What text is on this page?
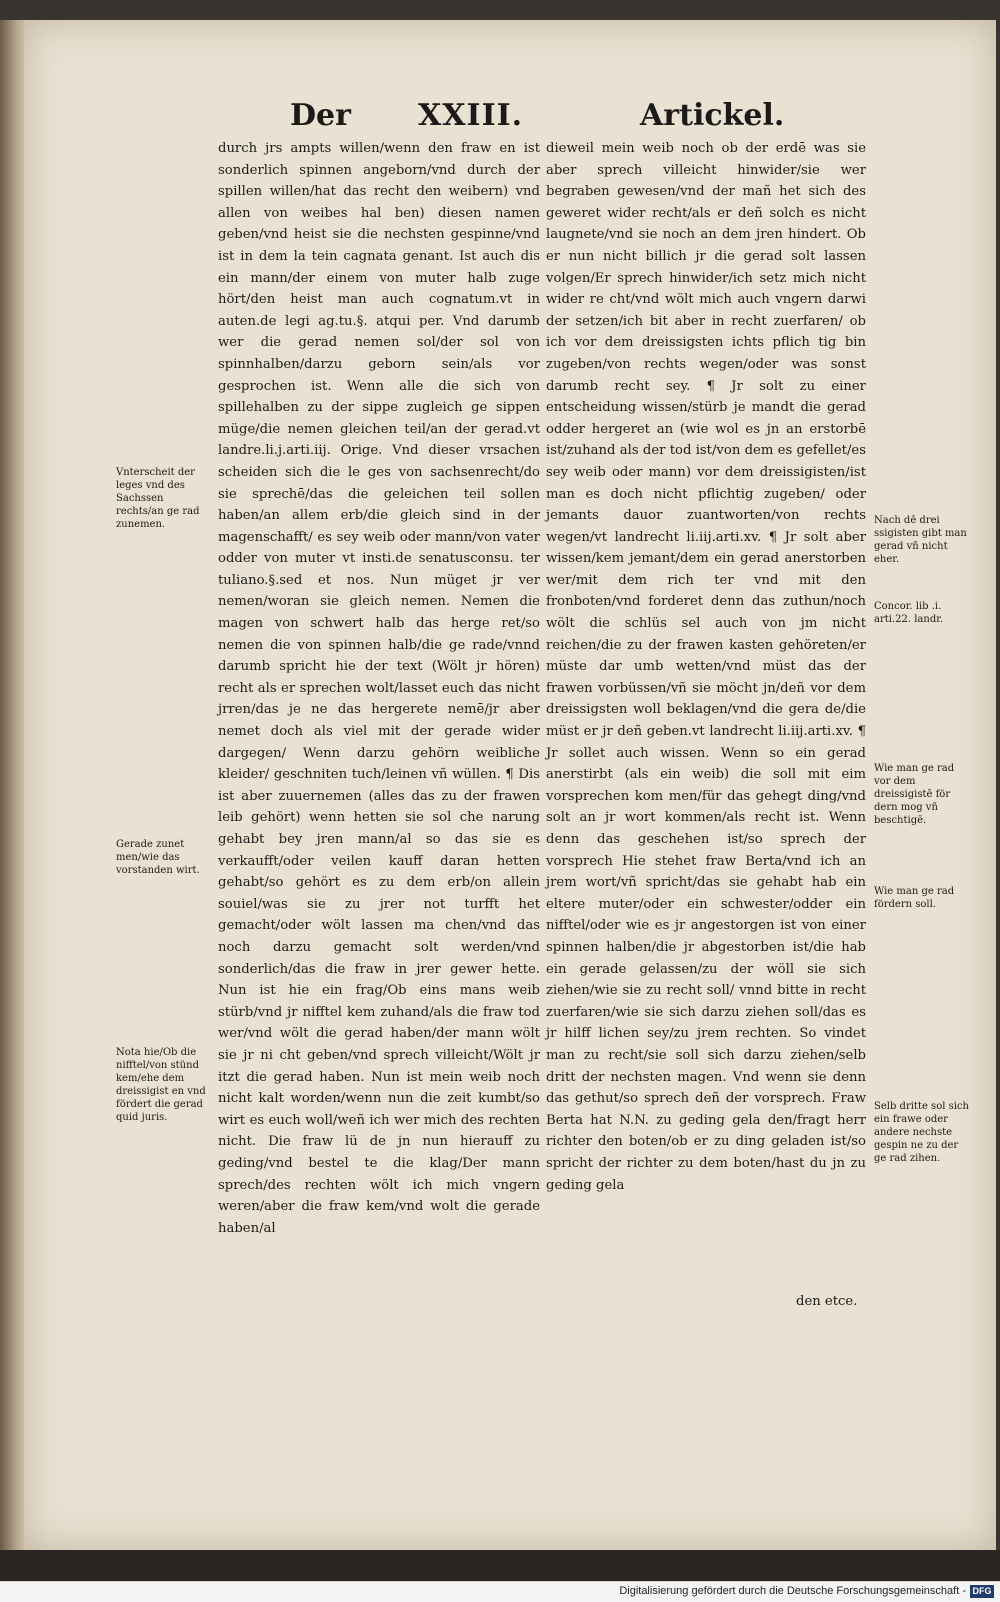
Der XXIII.	Artickel.

durch jrs ampts willen/wenn den fraw en ist sonderlich spinnen angeborn/vnd durch der spillen willen/hat das recht den weibern) vnd allen von weibes hal ben) diesen namen geben/vnd heist sie die nechsten gespinne/vnd ist in dem la tein cagnata genant. Ist auch dis ein mann/der einem von muter halb zuge hört/den heist man auch cognatum.vt in auten.de legi ag.tu.§. atqui per. Vnd darumb wer die gerad nemen sol/der sol von spinnhalben/darzu geborn sein/als vor gesprochen ist. Wenn alle die sich von spillehalben zu der sippe zugleich ge sippen müge/die nemen gleichen teil/an der gerad.vt landre.li.j.arti.iij. Orige. Vnd dieser vrsachen scheiden sich die le ges von sachsenrecht/do sie sprechē/das die geleichen teil sollen haben/an allem erb/die gleich sind in der magenschafft/ es sey weib oder mann/von vater odder von muter vt insti.de senatusconsu. ter tuliano.§.sed et nos. Nun müget jr ver nemen/woran sie gleich nemen. Nemen die magen von schwert halb das herge ret/so nemen die von spinnen halb/die ge rade/vnnd darumb spricht hie der text (Wölt jr hören) recht als er sprechen wolt/lasset euch das nicht jrren/das je ne das hergerete nemē/jr aber nemet doch als viel mit der gerade wider dargegen/ Wenn darzu gehörn weibliche kleider/ geschniten tuch/leinen vñ wüllen. ¶ Dis ist aber zuuernemen (alles das zu der frawen leib gehört) wenn hetten sie sol che narung gehabt bey jren mann/al so das sie es verkaufft/oder veilen kauff daran hetten gehabt/so gehört es zu dem erb/on allein souiel/was sie zu jrer not turfft het gemacht/oder wölt lassen ma chen/vnd das noch darzu gemacht solt werden/vnd sonderlich/das die fraw in jrer gewer hette. Nun ist hie ein frag/Ob eins mans weib stürb/vnd jr nifftel kem zuhand/als die fraw tod wer/vnd wölt die gerad haben/der mann wölt sie jr ni cht geben/vnd sprech villeicht/Wölt jr itzt die gerad haben. Nun ist mein weib noch nicht kalt worden/wenn nun die zeit kumbt/so wirt es euch woll/weñ ich wer mich des rechten nicht. Die fraw lü de jn nun hierauff zu geding/vnd bestel te die klag/Der mann sprech/des rechten wölt ich mich vngern weren/aber die fraw kem/vnd wolt die gerade haben/al

dieweil mein weib noch ob der erdē was sie aber sprech villeicht hinwider/sie wer begraben gewesen/vnd der mañ het sich des geweret wider recht/als er deñ solch es nicht laugnete/vnd sie noch an dem jren hindert. Ob er nun nicht billich jr die gerad solt lassen volgen/Er sprech hinwider/ich setz mich nicht wider re cht/vnd wölt mich auch vngern darwi der setzen/ich bit aber in recht zuerfaren/ ob ich vor dem dreissigsten ichts pflich tig bin zugeben/von rechts wegen/oder was sonst darumb recht sey. ¶ Jr solt zu einer entscheidung wissen/stürb je mandt die gerad odder hergeret an (wie wol es jn an erstorbē ist/zuhand als der tod ist/von dem es gefellet/es sey weib oder mann) vor dem dreissigisten/ist man es doch nicht pflichtig zugeben/ oder jemants dauor zuantworten/von rechts wegen/vt landrecht li.iij.arti.xv. ¶ Jr solt aber wissen/kem jemant/dem ein gerad anerstorben wer/mit dem rich ter vnd mit den fronboten/vnd forderet denn das zuthun/noch wölt die schlüs sel auch von jm nicht reichen/die zu der frawen kasten gehöreten/er müste dar umb wetten/vnd müst das der frawen vorbüssen/vñ sie möcht jn/deñ vor dem dreissigsten woll beklagen/vnd die gera de/die müst er jr deñ geben.vt landrecht li.iij.arti.xv. ¶ Jr sollet auch wissen. Wenn so ein gerad anerstirbt (als ein weib) die soll mit eim vorsprechen kom men/für das gehegt ding/vnd solt an jr wort kommen/als recht ist. Wenn denn das geschehen ist/so sprech der vorsprech Hie stehet fraw Berta/vnd ich an jrem wort/vñ spricht/das sie gehabt hab ein eltere muter/oder ein schwester/odder ein nifftel/oder wie es jr angestorgen ist von einer spinnen halben/die jr abgestorben ist/die hab ein gerade gelassen/zu der wöll sie sich ziehen/wie sie zu recht soll/ vnnd bitte in recht zuerfaren/wie sie sich darzu ziehen soll/das es jr hilff lichen sey/zu jrem rechten. So vindet man zu recht/sie soll sich darzu ziehen/selb dritt der nechsten magen. Vnd wenn sie denn das gethut/so sprech deñ der vorsprech. Fraw Berta hat N.N. zu geding gela den/fragt herr richter den boten/ob er zu ding geladen ist/so spricht der richter zu dem boten/hast du jn zu geding gela

den etce.
Vnterscheit der leges vnd des Sachssen rechts/an ge rad zunemen.
Gerade zunet men/wie das vorstanden wirt.
Nota hie/Ob die nifftel/von stünd kem/ehe dem dreissigist en vnd fördert die gerad quid juris.
Nach dē drei ssigisten gibt man gerad vñ nicht eher.
Concor. lib .i. arti.22. landr.
Wie man ge rad vor dem dreissigistē för dern mog vñ beschtigē.
Wie man ge rad fördern soll.
Selb dritte sol sich ein frawe oder andere nechste gespin ne zu der ge rad zihen.
Digitalisierung gefördert durch die Deutsche Forschungsgemeinschaft - DFG
